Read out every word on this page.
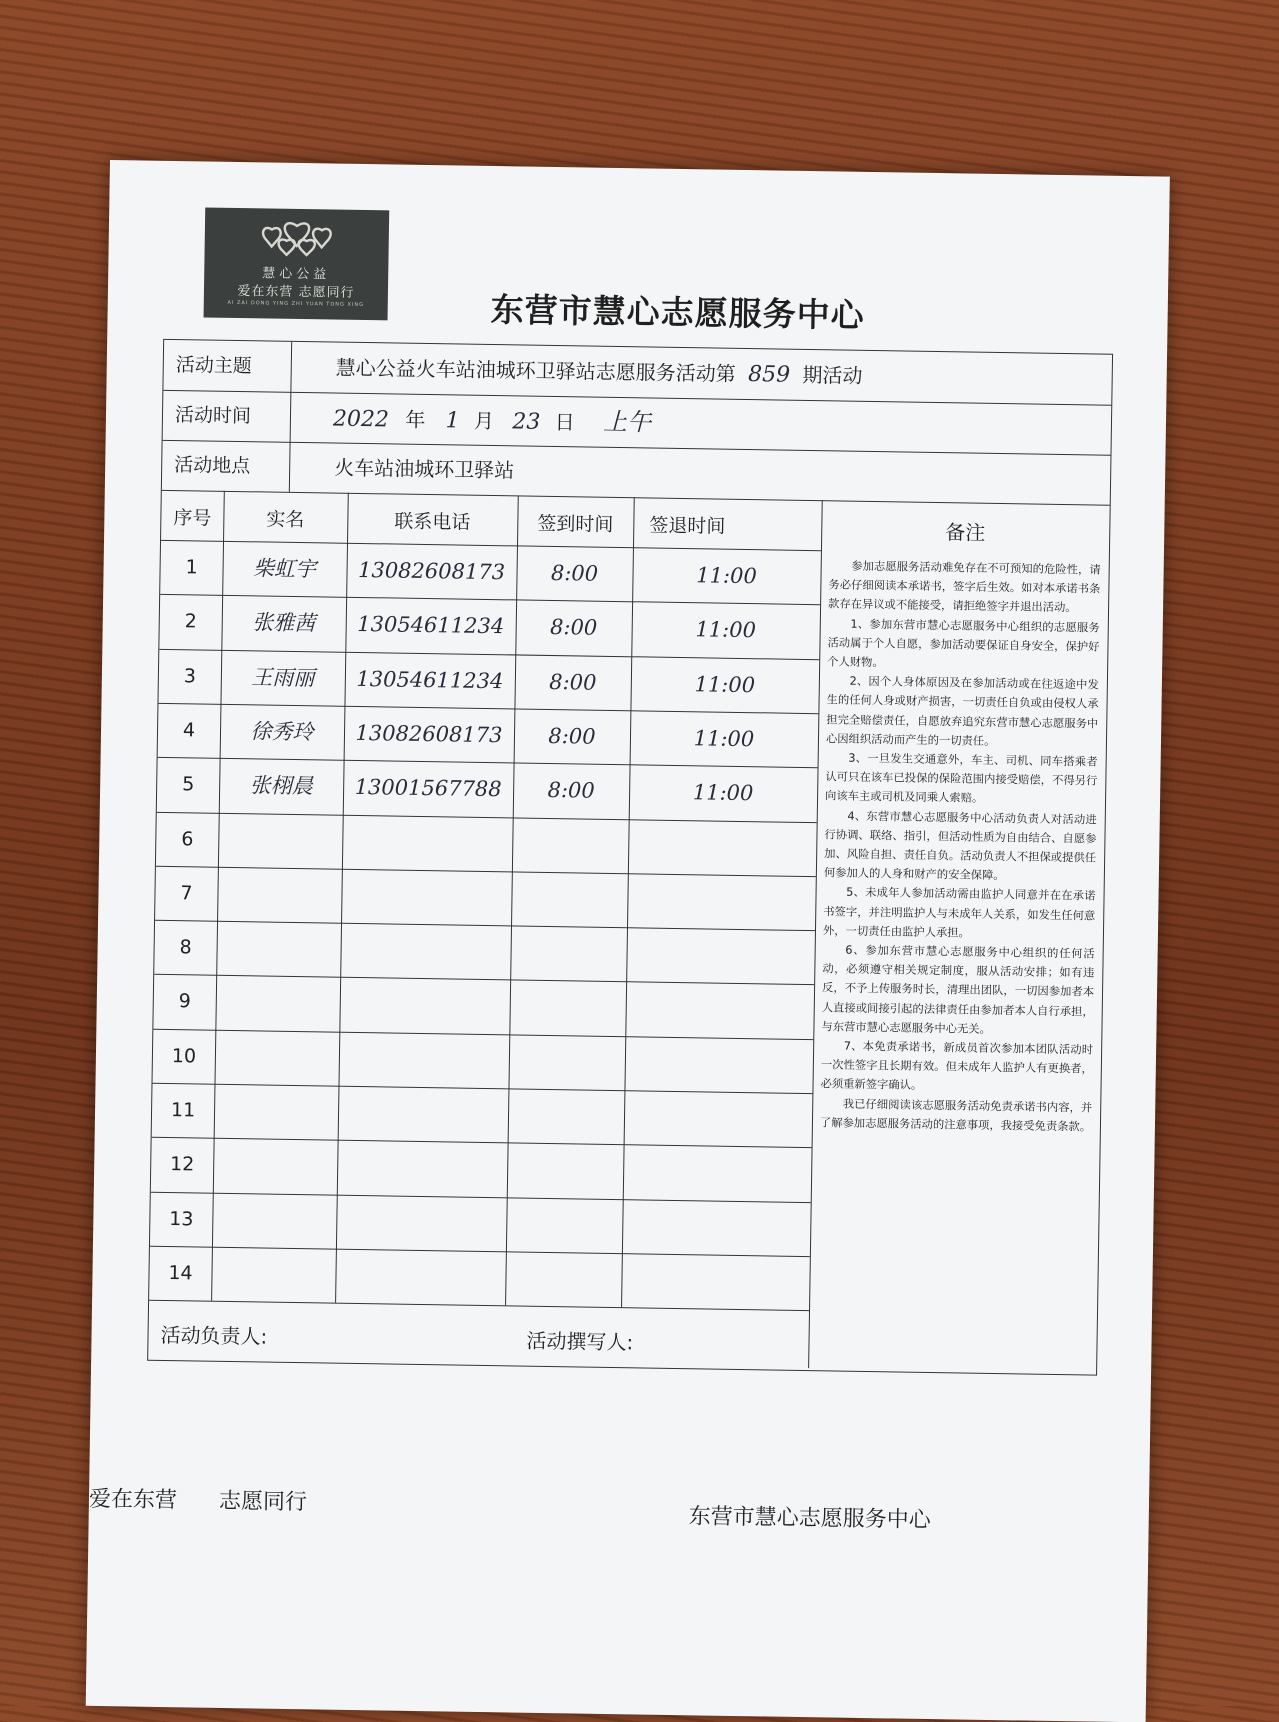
慧心公益
爱在东营 志愿同行
AI ZAI DONG YING ZHI YUAN TONG XING	东营市慧心志愿服务中心
活动主题	慧心公益火车站油城环卫驿站志愿服务活动第 859 期活动
活动时间	2022 年 1 月 23 日 上午
活动地点	火车站油城环卫驿站
序号	实名	联系电话	签到时间	签退时间	备注
1	柴虹宇	13082608173	8:00	11:00
2	张雅茜	13054611234	8:00	11:00
3	王雨丽	13054611234	8:00	11:00
4	徐秀玲	13082608173	8:00	11:00
5	张栩晨	13001567788	8:00	11:00
6
7
8
9
10
11
12
13
14

参加志愿服务活动难免存在不可预知的危险性，请务必仔细阅读本承诺书，签字后生效。如对本承诺书条款存在异议或不能接受，请拒绝签字并退出活动。

1、参加东营市慧心志愿服务中心组织的志愿服务活动属于个人自愿，参加活动要保证自身安全，保护好个人财物。

2、因个人身体原因及在参加活动或在往返途中发生的任何人身或财产损害，一切责任自负或由侵权人承担完全赔偿责任，自愿放弃追究东营市慧心志愿服务中心因组织活动而产生的一切责任。

3、一旦发生交通意外，车主、司机、同车搭乘者认可只在该车已投保的保险范围内接受赔偿，不得另行向该车主或司机及同乘人索赔。

4、东营市慧心志愿服务中心活动负责人对活动进行协调、联络、指引，但活动性质为自由结合、自愿参加、风险自担、责任自负。活动负责人不担保或提供任何参加人的人身和财产的安全保障。

5、未成年人参加活动需由监护人同意并在在承诺书签字，并注明监护人与未成年人关系，如发生任何意外，一切责任由监护人承担。

6、参加东营市慧心志愿服务中心组织的任何活动，必须遵守相关规定制度，服从活动安排；如有违反，不予上传服务时长，清理出团队，一切因参加者本人直接或间接引起的法律责任由参加者本人自行承担，与东营市慧心志愿服务中心无关。

7、本免责承诺书，新成员首次参加本团队活动时一次性签字且长期有效。但未成年人监护人有更换者，必须重新签字确认。

我已仔细阅读该志愿服务活动免责承诺书内容，并了解参加志愿服务活动的注意事项，我接受免责条款。

活动负责人:	活动撰写人:
爱在东营 志愿同行
东营市慧心志愿服务中心
